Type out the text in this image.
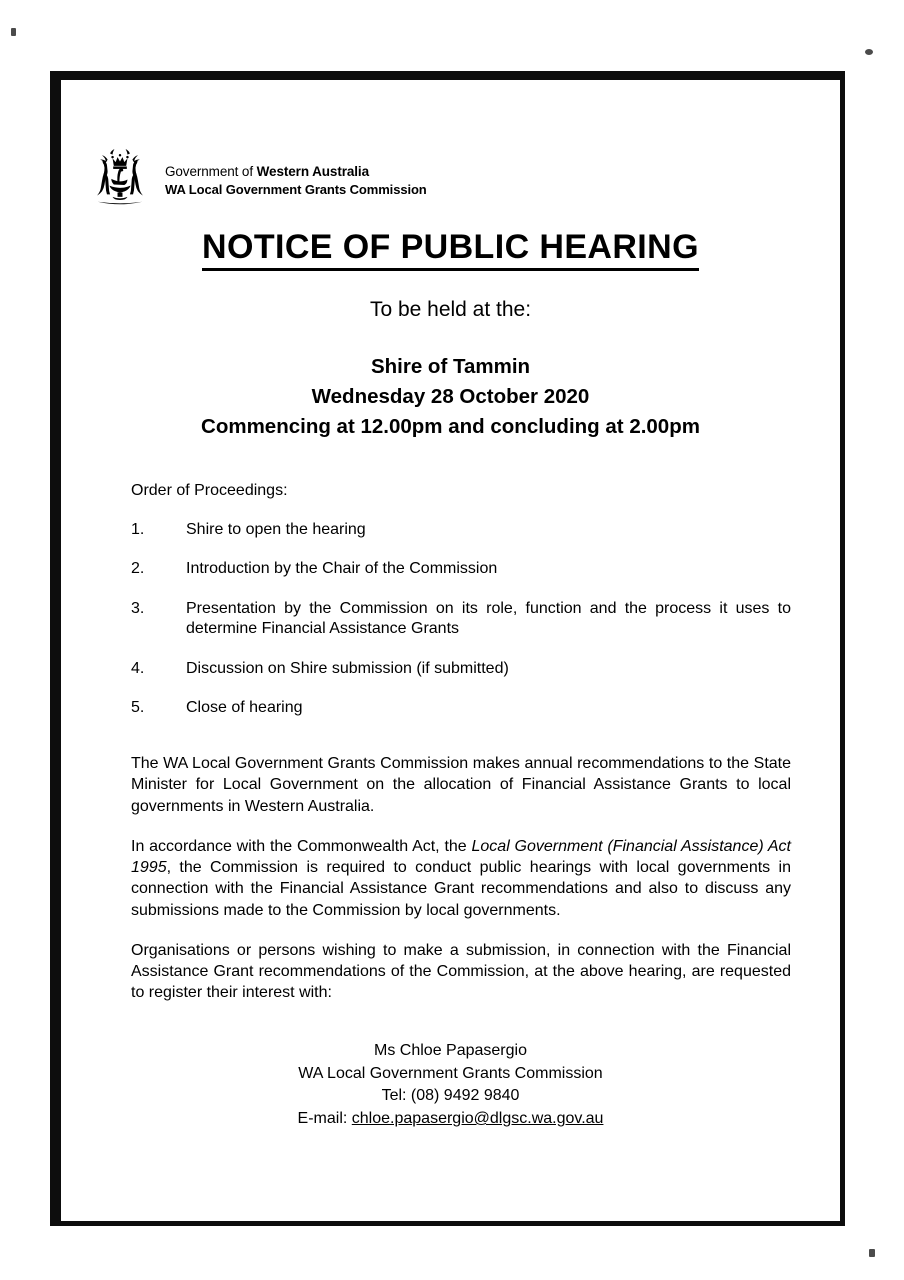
Government of Western Australia
WA Local Government Grants Commission
NOTICE OF PUBLIC HEARING
To be held at the:
Shire of Tammin
Wednesday 28 October 2020
Commencing at 12.00pm and concluding at 2.00pm
Order of Proceedings:
1.	Shire to open the hearing
2.	Introduction by the Chair of the Commission
3.	Presentation by the Commission on its role, function and the process it uses to determine Financial Assistance Grants
4.	Discussion on Shire submission (if submitted)
5.	Close of hearing
The WA Local Government Grants Commission makes annual recommendations to the State Minister for Local Government on the allocation of Financial Assistance Grants to local governments in Western Australia.
In accordance with the Commonwealth Act, the Local Government (Financial Assistance) Act 1995, the Commission is required to conduct public hearings with local governments in connection with the Financial Assistance Grant recommendations and also to discuss any submissions made to the Commission by local governments.
Organisations or persons wishing to make a submission, in connection with the Financial Assistance Grant recommendations of the Commission, at the above hearing, are requested to register their interest with:
Ms Chloe Papasergio
WA Local Government Grants Commission
Tel: (08) 9492 9840
E-mail: chloe.papasergio@dlgsc.wa.gov.au
